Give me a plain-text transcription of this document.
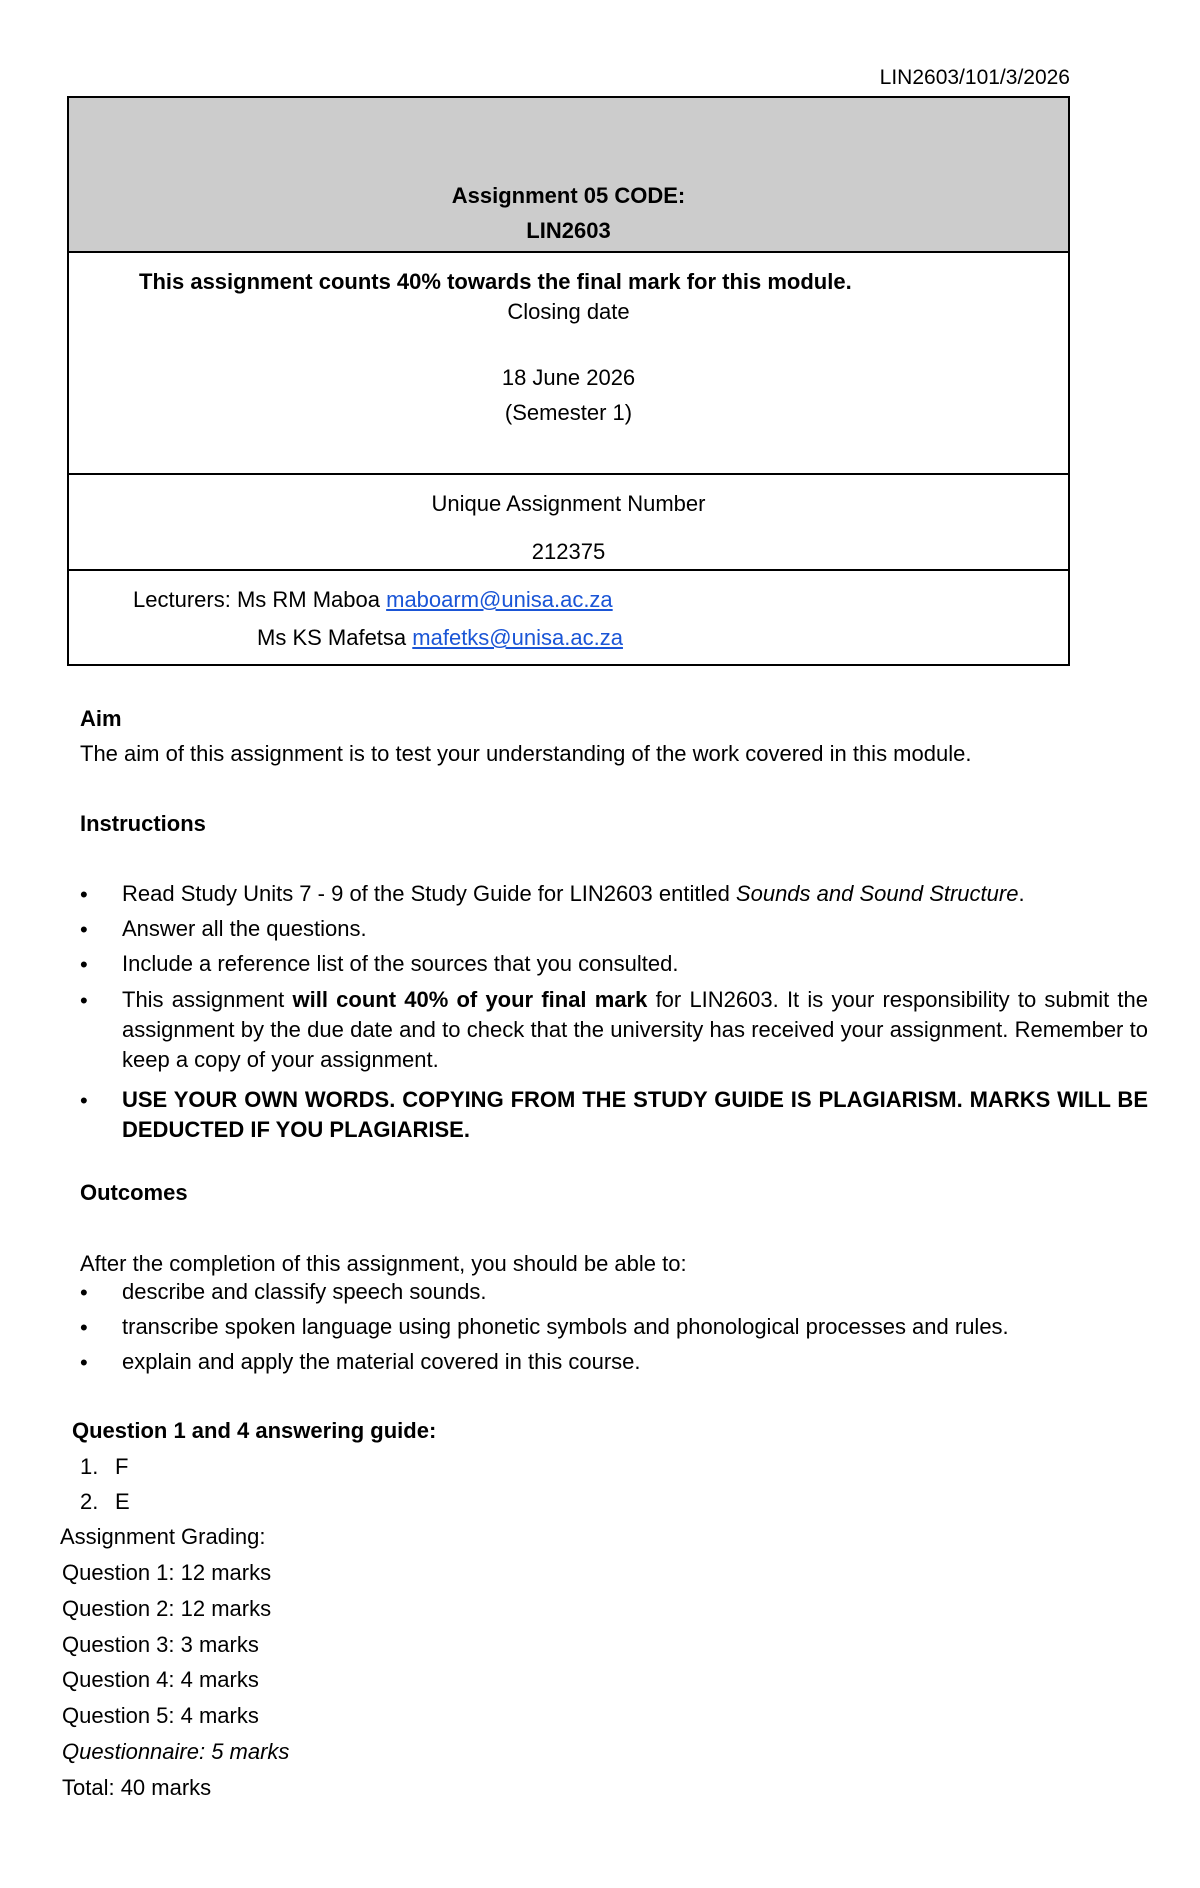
LIN2603/101/3/2026
Assignment 05 CODE:
LIN2603
This assignment counts 40% towards the final mark for this module.
Closing date
18 June 2026
(Semester 1)
Unique Assignment Number
212375
Lecturers: Ms RM Maboa maboarm@unisa.ac.za
Ms KS Mafetsa mafetks@unisa.ac.za
Aim
The aim of this assignment is to test your understanding of the work covered in this module.
Instructions
• Read Study Units 7 - 9 of the Study Guide for LIN2603 entitled Sounds and Sound Structure.
• Answer all the questions.
• Include a reference list of the sources that you consulted.
• This assignment will count 40% of your final mark for LIN2603. It is your responsibility to submit the assignment by the due date and to check that the university has received your assignment. Remember to keep a copy of your assignment.
• USE YOUR OWN WORDS. COPYING FROM THE STUDY GUIDE IS PLAGIARISM. MARKS WILL BE DEDUCTED IF YOU PLAGIARISE.
Outcomes
After the completion of this assignment, you should be able to:
• describe and classify speech sounds.
• transcribe spoken language using phonetic symbols and phonological processes and rules.
• explain and apply the material covered in this course.
Question 1 and 4 answering guide:
1. F
2. E
Assignment Grading:
Question 1: 12 marks
Question 2: 12 marks
Question 3: 3 marks
Question 4: 4 marks
Question 5: 4 marks
Questionnaire: 5 marks
Total: 40 marks
